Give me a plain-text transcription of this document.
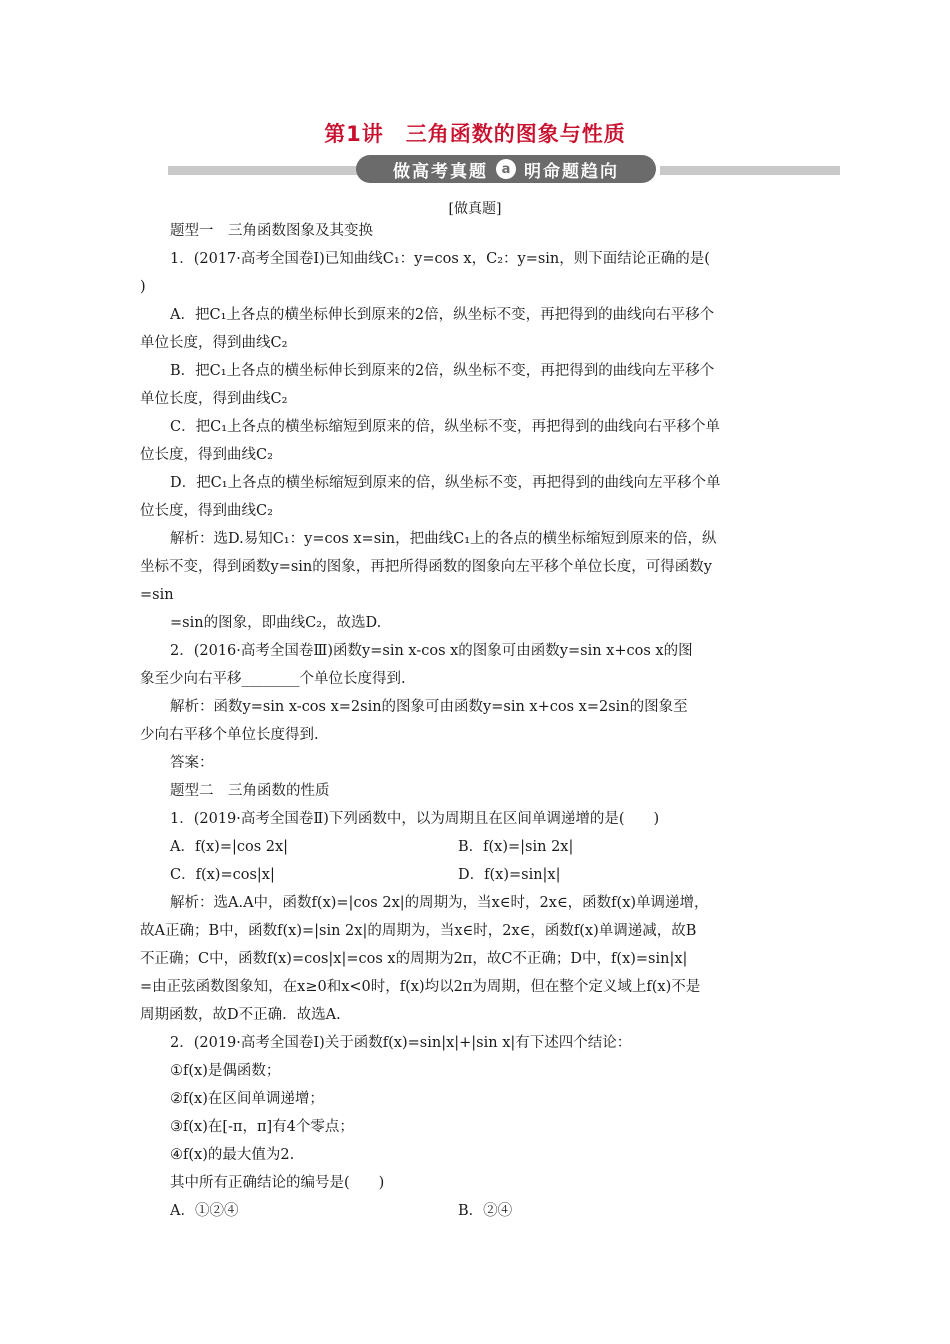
第1讲　三角函数的图象与性质
做高考真题	a 明命题趋向
[做真题]
题型一　三角函数图象及其变换
1．(2017·高考全国卷Ⅰ)已知曲线C₁：y=cos x，C₂：y=sin，则下面结论正确的是(
)
A．把C₁上各点的横坐标伸长到原来的2倍，纵坐标不变，再把得到的曲线向右平移个
单位长度，得到曲线C₂
B．把C₁上各点的横坐标伸长到原来的2倍，纵坐标不变，再把得到的曲线向左平移个
单位长度，得到曲线C₂
C．把C₁上各点的横坐标缩短到原来的倍，纵坐标不变，再把得到的曲线向右平移个单
位长度，得到曲线C₂
D．把C₁上各点的横坐标缩短到原来的倍，纵坐标不变，再把得到的曲线向左平移个单
位长度，得到曲线C₂
解析：选D.易知C₁：y=cos x=sin，把曲线C₁上的各点的横坐标缩短到原来的倍，纵
坐标不变，得到函数y=sin的图象，再把所得函数的图象向左平移个单位长度，可得函数y
=sin
=sin的图象，即曲线C₂，故选D.
2．(2016·高考全国卷Ⅲ)函数y=sin x-cos x的图象可由函数y=sin x+cos x的图
象至少向右平移________个单位长度得到.
解析：函数y=sin x-cos x=2sin的图象可由函数y=sin x+cos x=2sin的图象至
少向右平移个单位长度得到.
答案：
题型二　三角函数的性质
1．(2019·高考全国卷Ⅱ)下列函数中，以为周期且在区间单调递增的是(　　)
A．f(x)=|cos 2x|	B．f(x)=|sin 2x|
C．f(x)=cos|x|	D．f(x)=sin|x|
解析：选A.A中，函数f(x)=|cos 2x|的周期为，当x∈时，2x∈，函数f(x)单调递增，
故A正确；B中，函数f(x)=|sin 2x|的周期为，当x∈时，2x∈，函数f(x)单调递减，故B
不正确；C中，函数f(x)=cos|x|=cos x的周期为2π，故C不正确；D中，f(x)=sin|x|
=由正弦函数图象知，在x≥0和x<0时，f(x)均以2π为周期，但在整个定义域上f(x)不是
周期函数，故D不正确．故选A.
2．(2019·高考全国卷Ⅰ)关于函数f(x)=sin|x|+|sin x|有下述四个结论：
①f(x)是偶函数；
②f(x)在区间单调递增；
③f(x)在[-π，π]有4个零点；
④f(x)的最大值为2.
其中所有正确结论的编号是(　　)
A．①②④	B．②④
